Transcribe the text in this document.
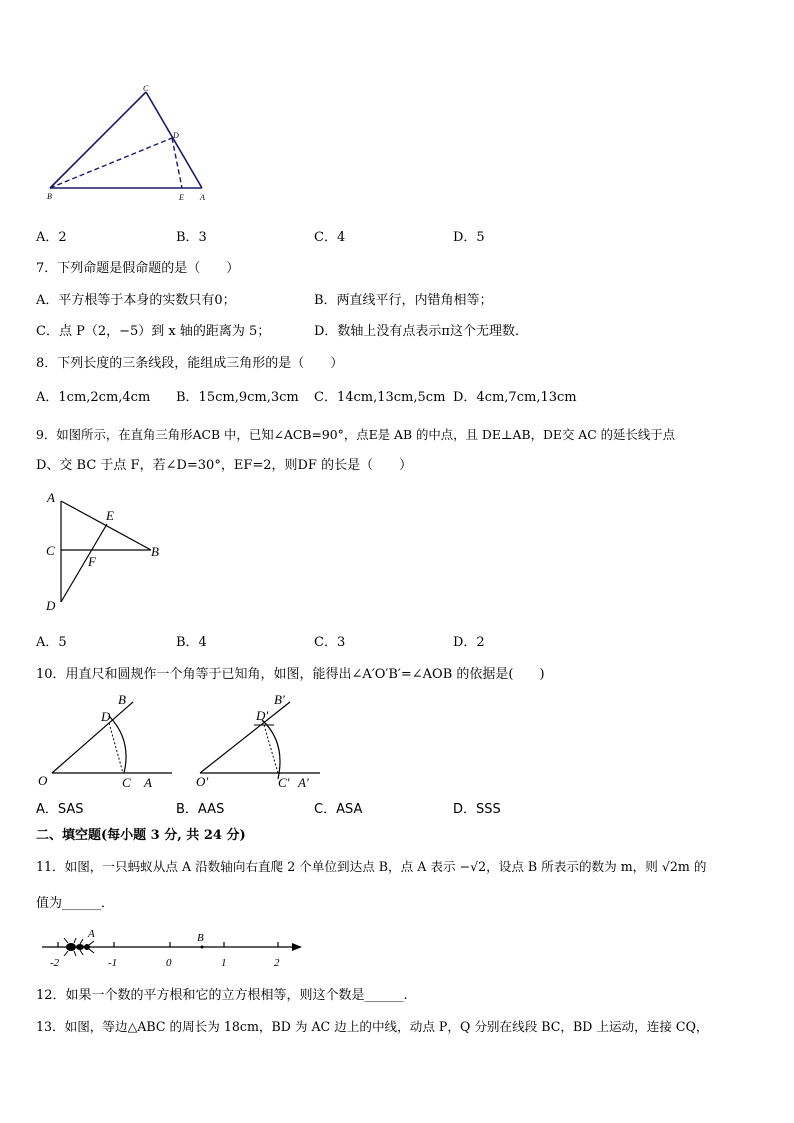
C
D
B	E A
A．2	B．3	C．4	D．5
7．下列命题是假命题的是（　　）
A．平方根等于本身的实数只有0；	B．两直线平行，内错角相等；
C．点 P（2，−5）到 x 轴的距离为 5；	D．数轴上没有点表示π这个无理数．
8．下列长度的三条线段，能组成三角形的是（　　）
A．1cm,2cm,4cm B．15cm,9cm,3cm C．14cm,13cm,5cm D．4cm,7cm,13cm
9．如图所示，在直角三角形ACB 中，已知∠ACB=90°，点E是 AB 的中点，且 DE⊥AB，DE交 AC 的延长线于点
D、交 BC 于点 F，若∠D=30°，EF=2，则DF 的长是（　　）
A
E
C	B
F
D
A．5	B．4	C．3	D．2
10．用直尺和圆规作一个角等于已知角，如图，能得出∠A′O′B′=∠AOB 的依据是(　　)
B
D
O	C A
B′
D′
O′	C′ A′
A．SAS	B．AAS	C．ASA	D．SSS
二、填空题(每小题 3 分, 共 24 分)
11．如图，一只蚂蚁从点 A 沿数轴向右直爬 2 个单位到达点 B，点 A 表示 −√2，设点 B 所表示的数为 m，则 √2m 的
值为______．
A	B
-2	-1	0	1	2
12．如果一个数的平方根和它的立方根相等，则这个数是______.
13．如图，等边△ABC 的周长为 18cm，BD 为 AC 边上的中线，动点 P，Q 分别在线段 BC，BD 上运动，连接 CQ，
